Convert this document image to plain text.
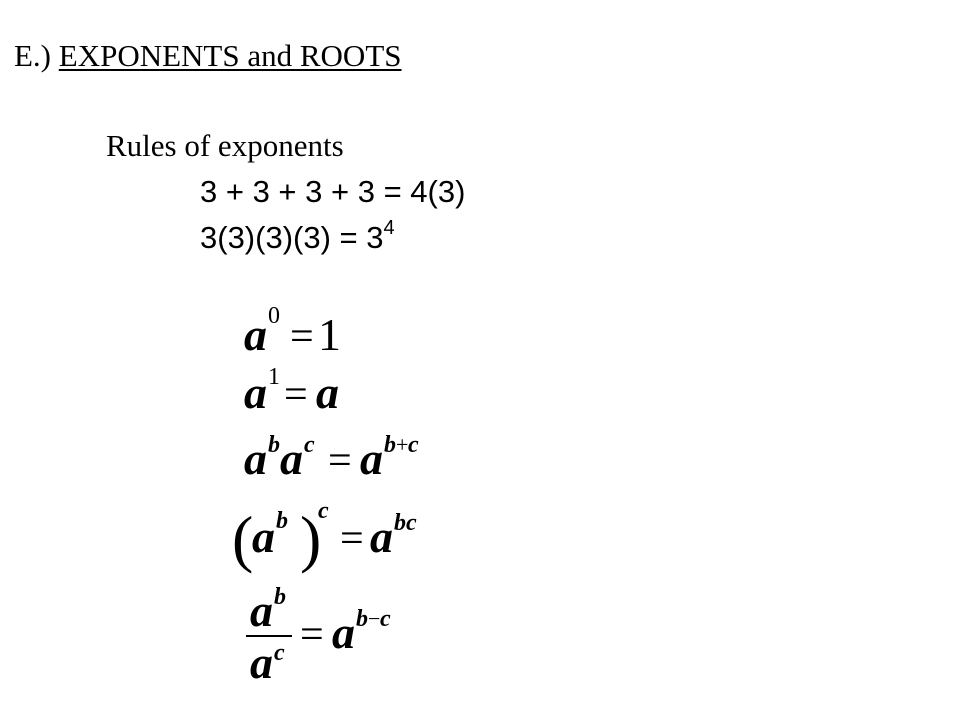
E.) EXPONENTS and ROOTS
Rules of exponents
3 + 3 + 3 + 3 = 4(3)
$3(3)(3)(3) = 3^4$
a 0 = 1
a 1 = a
a b a c = a b + c
(
a b )
c
= a bc
a b
a c = a b − c
